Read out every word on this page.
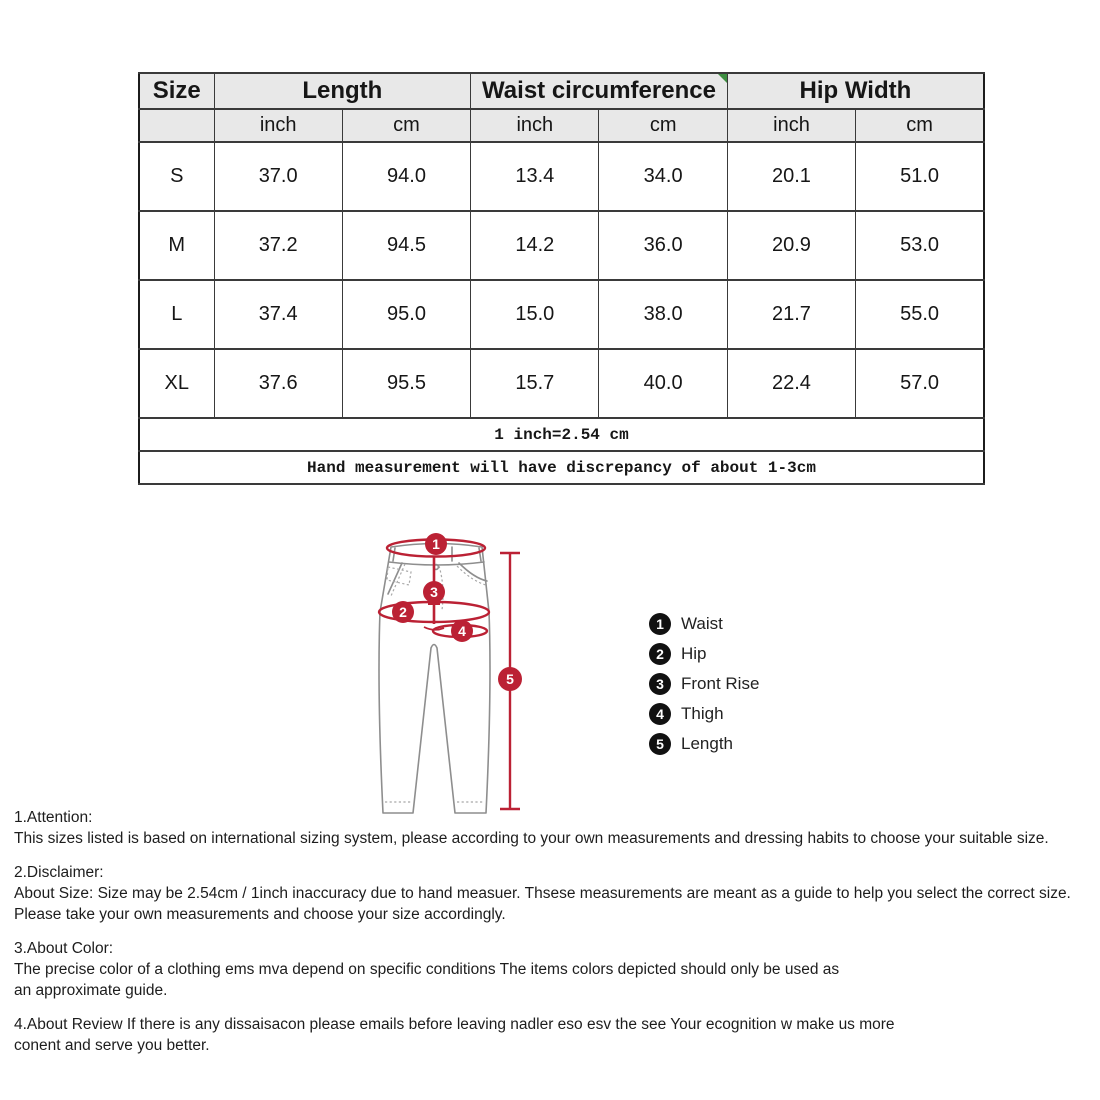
Size	Length		Waist circumference		Hip Width	
	inch	cm	inch	cm	inch	cm
S	37.0	94.0	13.4	34.0	20.1	51.0
M	37.2	94.5	14.2	36.0	20.9	53.0
L	37.4	95.0	15.0	38.0	21.7	55.0
XL	37.6	95.5	15.7	40.0	22.4	57.0
1 inch=2.54 cm						
Hand measurement will have discrepancy of about 1-3cm						
1
2
3
4
5
1	Waist
2	Hip
3	Front Rise
4	Thigh
5	Length
1.Attention:
This sizes listed is based on international sizing system, please according to your own measurements and dressing habits to choose your suitable size.
2.Disclaimer:
About Size: Size may be 2.54cm / 1inch inaccuracy due to hand measuer. Thsese measurements are meant as a guide to help you select the correct size.
Please take your own measurements and choose your size accordingly.
3.About Color:
The precise color of a clothing ems mva depend on specific conditions The items colors depicted should only be used as
an approximate guide.
4.About Review If there is any dissaisacon please emails before leaving nadler eso esv the see Your ecognition w make us more
conent and serve you better.
